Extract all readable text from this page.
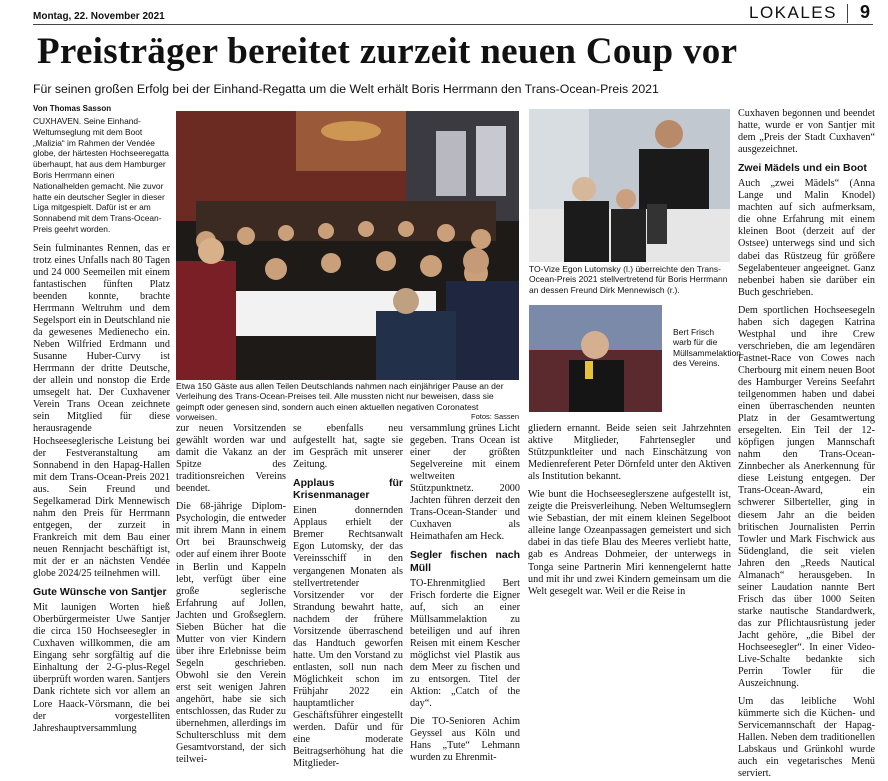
Montag, 22. November 2021	LOKALES 9
Preisträger bereitet zurzeit neuen Coup vor
Für seinen großen Erfolg bei der Einhand-Regatta um die Welt erhält Boris Herrmann den Trans-Ocean-Preis 2021
Von Thomas Sasson

CUXHAVEN. Seine Einhand-Weltumseglung mit dem Boot „Malizia“ im Rahmen der Vendée globe, der härtesten Hochseeregatta überhaupt, hat aus dem Hamburger Boris Herrmann einen Nationalhelden gemacht. Nie zuvor hatte ein deutscher Segler in dieser Liga mitgespielt. Dafür ist er am Sonnabend mit dem Trans-Ocean-Preis geehrt worden.

Sein fulminantes Rennen, das er trotz eines Unfalls nach 80 Tagen und 24 000 Seemeilen mit einem fantastischen fünften Platz beenden konnte, brachte Herrmann Weltruhm und dem Segelsport ein in Deutschland nie da gewesenes Medienecho ein. Neben Wilfried Erdmann und Susanne Huber-Curvy ist Herrmann der dritte Deutsche, der allein und nonstop die Erde umsegelt hat. Der Cuxhavener Verein Trans Ocean zeichnete sein Mitglied für diese herausragende Hochseeseglerische Leistung bei der Festveranstaltung am Sonnabend in den Hapag-Hallen mit dem Trans-Ocean-Preis 2021 aus. Sein Freund und Segelkamerad Dirk Mennewisch nahm den Preis für Herrmann entgegen, der zurzeit in Frankreich mit dem Bau einer neuen Rennjacht beschäftigt ist, mit der er an nächsten Vendée globe 2024/25 teilnehmen will.

Gute Wünsche von Santjer

Mit launigen Worten hieß Oberbürgermeister Uwe Santjer die circa 150 Hochseesegler in Cuxhaven willkommen, die am Eingang sehr sorgfältig auf die Einhaltung der 2-G-plus-Regel überprüft worden waren. Santjers Dank richtete sich vor allem an Lore Haack-Vörsmann, die bei der vorgestelliten Jahreshauptversammlung

Etwa 150 Gäste aus allen Teilen Deutschlands nahmen nach einjähriger Pause an der Verleihung des Trans-Ocean-Preises teil. Alle mussten nicht nur beweisen, dass sie geimpft oder genesen sind, sondern auch einen aktuellen negativen Coronatest vorweisen.	Fotos: Sassen
TO-Vize Egon Lutomsky (l.) überreichte den Trans-Ocean-Preis 2021 stellvertretend für Boris Herrmann an dessen Freund Dirk Mennewisch (r.).
Bert Frisch warb für die Müllsammelaktion des Vereins.

zur neuen Vorsitzenden gewählt worden war und damit die Vakanz an der Spitze des traditionsreichen Vereins beendet.

Die 68-jährige Diplom-Psychologin, die entweder mit ihrem Mann in einem Ort bei Braunschweig oder auf einem ihrer Boote in Berlin und Kappeln lebt, verfügt über eine große seglerische Erfahrung auf Jollen, Jachten und Großseglern. Sieben Bücher hat die Mutter von vier Kindern über ihre Erlebnisse beim Segeln geschrieben. Obwohl sie den Verein erst seit wenigen Jahren angehört, habe sie sich entschlossen, das Ruder zu übernehmen, allerdings im Schulterschluss mit dem Gesamtvorstand, der sich teilwei-

se ebenfalls neu aufgestellt hat, sagte sie im Gespräch mit unserer Zeitung.

Applaus für Krisenmanager

Einen donnernden Applaus erhielt der Bremer Rechtsanwalt Egon Lutomsky, der das Vereinsschiff in den vergangenen Monaten als stellvertretender Vorsitzender vor der Strandung bewahrt hatte, nachdem der frühere Vorsitzende überraschend das Handtuch geworfen hatte. Um den Vorstand zu entlasten, soll nun nach Möglichkeit schon im Frühjahr 2022 ein hauptamtlicher Geschäftsführer eingestellt werden. Dafür und für eine moderate Beitragserhöhung hat die Mitglieder-

versammlung grünes Licht gegeben. Trans Ocean ist einer der größten Segelvereine mit einem weltweiten Stützpunktnetz. 2000 Jachten führen derzeit den Trans-Ocean-Stander und Cuxhaven als Heimathafen am Heck.

Segler fischen nach Müll

TO-Ehrenmitglied Bert Frisch forderte die Eigner auf, sich an einer Müllsammelaktion zu beteiligen und auf ihren Reisen mit einem Kescher möglichst viel Plastik aus dem Meer zu fischen und zu entsorgen. Titel der Aktion: „Catch of the day“.

Die TO-Senioren Achim Geyssel aus Köln und Hans „Tute“ Lehmann wurden zu Ehrenmit-

gliedern ernannt. Beide seien seit Jahrzehnten aktive Mitglieder, Fahrtensegler und Stützpunktleiter und nach Einschätzung von Medienreferent Peter Dörnfeld unter den Aktiven als Institution bekannt.

Wie bunt die Hochseeseglerszene aufgestellt ist, zeigte die Preisverleihung. Neben Weltumseglern wie Sebastian, der mit einem kleinen Segelboot alleine lange Ozeanpassagen gemeistert und sich dabei in das tiefe Blau des Meeres verliebt hatte, gab es Andreas Dohmeier, der unterwegs in Tonga seine Partnerin Miri kennengelernt hatte und mit ihr und zwei Kindern gemeinsam um die Welt gesegelt war. Weil er die Reise in

Cuxhaven begonnen und beendet hatte, wurde er von Santjer mit dem „Preis der Stadt Cuxhaven“ ausgezeichnet.

Zwei Mädels und ein Boot

Auch „zwei Mädels“ (Anna Lange und Malin Knodel) machten auf sich aufmerksam, die ohne Erfahrung mit einem kleinen Boot (derzeit auf der Ostsee) unterwegs sind und sich dabei das Rüstzeug für größere Segelabenteuer angeeignet. Ganz nebenbei haben sie darüber ein Buch geschrieben.

Dem sportlichen Hochseesegeln haben sich dagegen Katrina Westphal und ihre Crew verschrieben, die am legendären Fastnet-Race von Cowes nach Cherbourg mit einem neuen Boot des Hamburger Vereins Seefahrt teilgenommen haben und dabei einen überraschenden neunten Platz in der Gesamtwertung ersegelten. Ein Teil der 12-köpfigen jungen Mannschaft nahm den Trans-Ocean-Zinnbecher als Anerkennung für diese Leistung entgegen. Der Trans-Ocean-Award, ein schwerer Silberteller, ging in diesem Jahr an die beiden britischen Journalisten Perrin Towler und Mark Fischwick aus Südengland, die seit vielen Jahren den „Reeds Nautical Almanach“ herausgeben. In seiner Laudation nannte Bert Frisch das über 1000 Seiten starke nautische Standardwerk, das zur Pflichtausrüstung jeder Jacht gehöre, „die Bibel der Hochseesegler“. In einer Video-Live-Schalte bedankte sich Perrin Towler für die Auszeichnung.

Um das leibliche Wohl kümmerte sich die Küchen- und Servicemannschaft der Hapag-Hallen. Neben dem traditionellen Labskaus und Grünkohl wurde auch ein vegetarisches Menü serviert.
